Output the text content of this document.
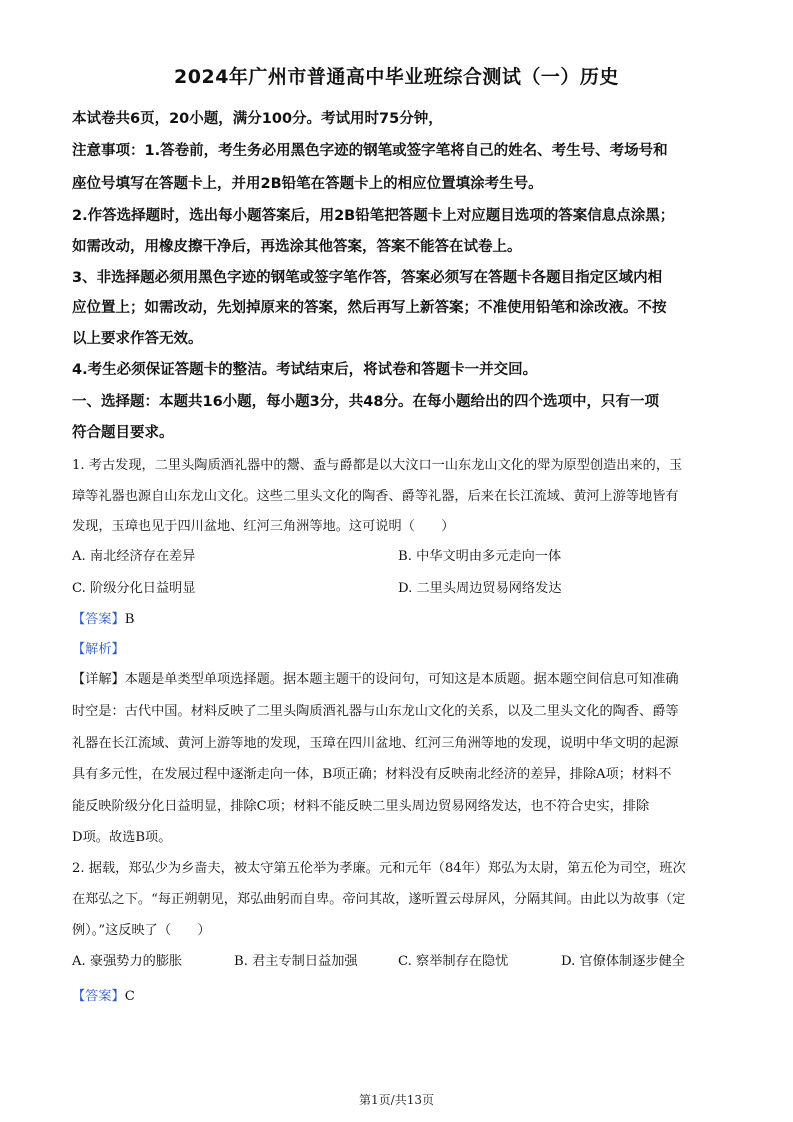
2024年广州市普通高中毕业班综合测试（一）历史
本试卷共6页，20小题，满分100分。考试用时75分钟，
注意事项：1.答卷前，考生务必用黑色字迹的钢笔或签字笔将自己的姓名、考生号、考场号和
座位号填写在答题卡上，并用2B铅笔在答题卡上的相应位置填涂考生号。
2.作答选择题时，选出每小题答案后，用2B铅笔把答题卡上对应题目选项的答案信息点涂黑；
如需改动，用橡皮擦干净后，再选涂其他答案，答案不能答在试卷上。
3、非选择题必须用黑色字迹的钢笔或签字笔作答，答案必须写在答题卡各题目指定区域内相
应位置上；如需改动，先划掉原来的答案，然后再写上新答案；不准使用铅笔和涂改液。不按
以上要求作答无效。
4.考生必须保证答题卡的整洁。考试结束后，将试卷和答题卡一并交回。
一、选择题：本题共16小题，每小题3分，共48分。在每小题给出的四个选项中，只有一项
符合题目要求。
1. 考古发现，二里头陶质酒礼器中的鬶、盉与爵都是以大汶口一山东龙山文化的斝为原型创造出来的，玉
璋等礼器也源自山东龙山文化。这些二里头文化的陶香、爵等礼器，后来在长江流域、黄河上游等地皆有
发现，玉璋也见于四川盆地、红河三角洲等地。这可说明（　　）
A. 南北经济存在差异	B. 中华文明由多元走向一体
C. 阶级分化日益明显	D. 二里头周边贸易网络发达
【答案】B
【解析】
【详解】本题是单类型单项选择题。据本题主题干的设问句，可知这是本质题。据本题空间信息可知准确
时空是：古代中国。材料反映了二里头陶质酒礼器与山东龙山文化的关系，以及二里头文化的陶香、爵等
礼器在长江流域、黄河上游等地的发现，玉璋在四川盆地、红河三角洲等地的发现，说明中华文明的起源
具有多元性，在发展过程中逐渐走向一体，B项正确；材料没有反映南北经济的差异，排除A项；材料不
能反映阶级分化日益明显，排除C项；材料不能反映二里头周边贸易网络发达，也不符合史实，排除
D项。故选B项。
2. 据载，郑弘少为乡啬夫，被太守第五伦举为孝廉。元和元年（84年）郑弘为太尉，第五伦为司空，班次
在郑弘之下。“每正朔朝见，郑弘曲躬而自卑。帝问其故，遂听置云母屏风，分隔其间。由此以为故事（定
例）。”这反映了（　　）
A. 豪强势力的膨胀	B. 君主专制日益加强	C. 察举制存在隐忧	D. 官僚体制逐步健全
【答案】C
第1页/共13页
